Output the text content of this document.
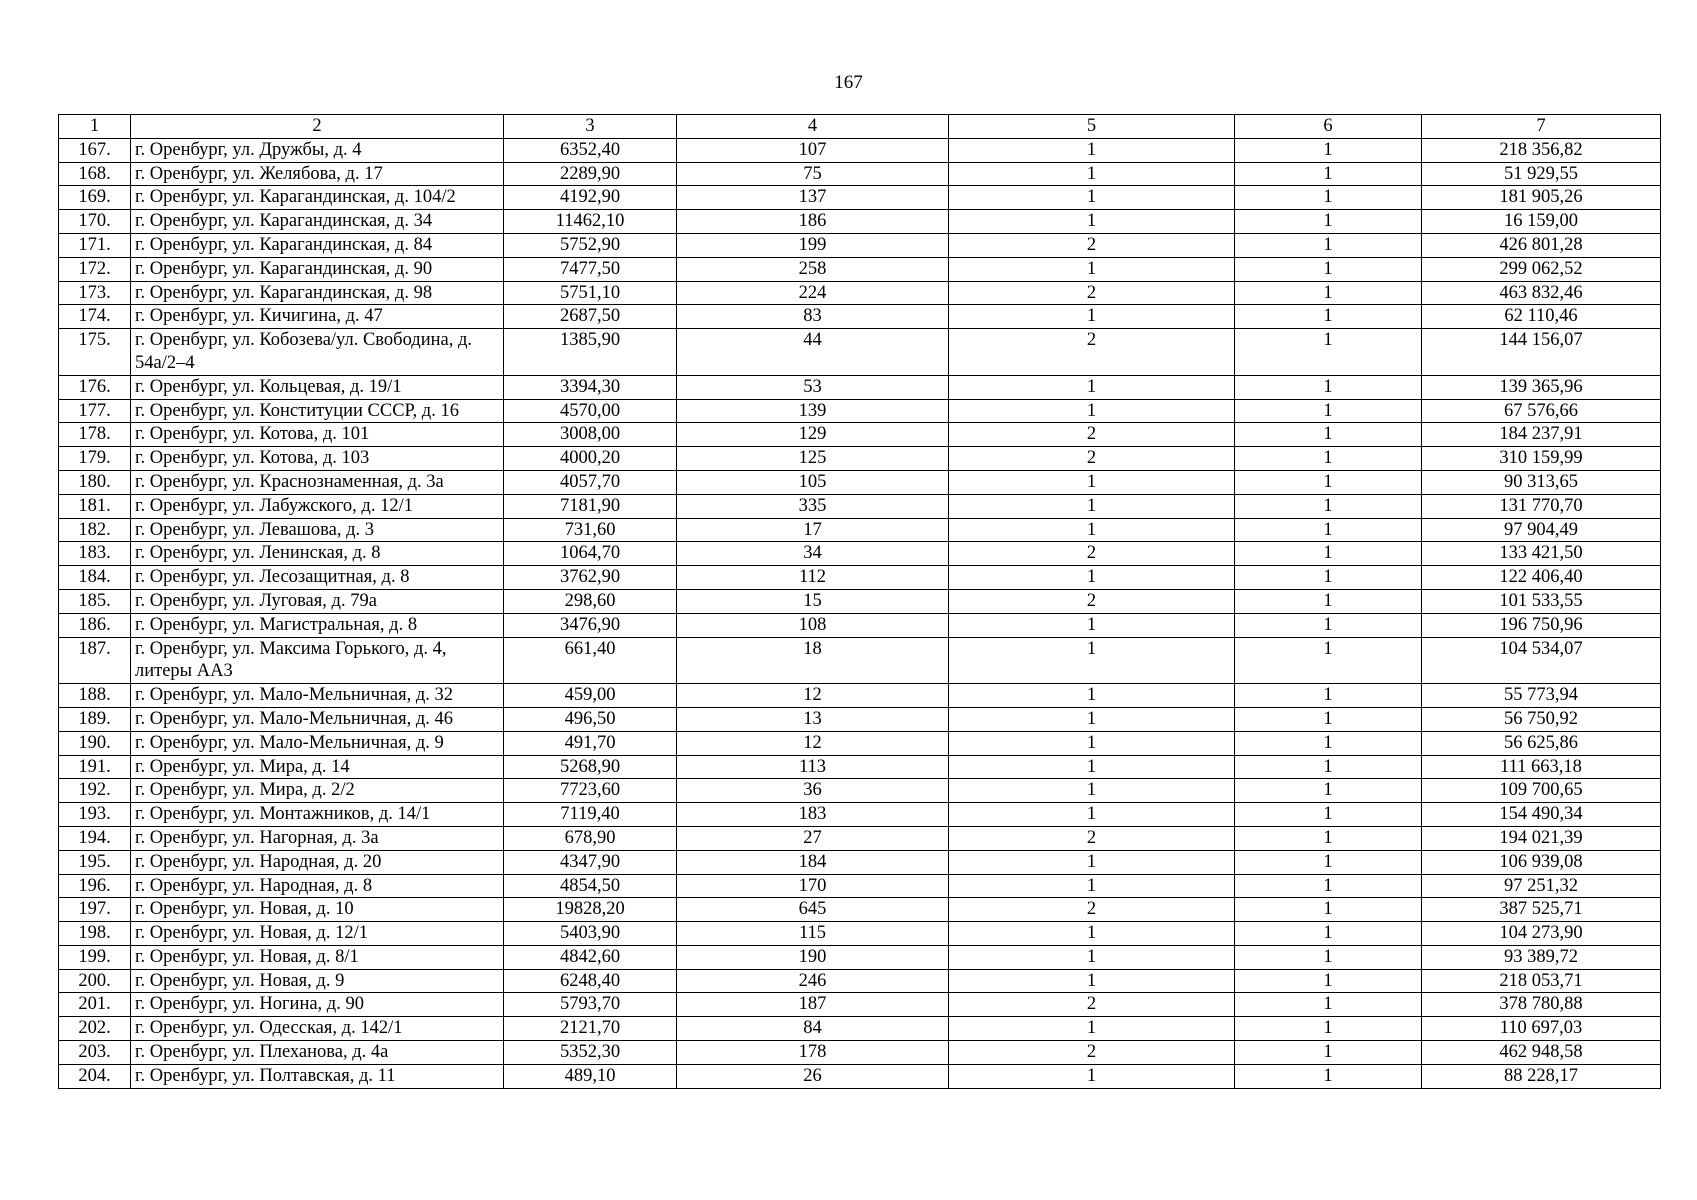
167
1	2	3	4	5	6	7
167.	г. Оренбург, ул. Дружбы, д. 4	6352,40	107	1	1	218 356,82
168.	г. Оренбург, ул. Желябова, д. 17	2289,90	75	1	1	51 929,55
169.	г. Оренбург, ул. Карагандинская, д. 104/2	4192,90	137	1	1	181 905,26
170.	г. Оренбург, ул. Карагандинская, д. 34	11462,10	186	1	1	16 159,00
171.	г. Оренбург, ул. Карагандинская, д. 84	5752,90	199	2	1	426 801,28
172.	г. Оренбург, ул. Карагандинская, д. 90	7477,50	258	1	1	299 062,52
173.	г. Оренбург, ул. Карагандинская, д. 98	5751,10	224	2	1	463 832,46
174.	г. Оренбург, ул. Кичигина, д. 47	2687,50	83	1	1	62 110,46
175.	г. Оренбург, ул. Кобозева/ул. Свободина, д. 54а/2–4	1385,90	44	2	1	144 156,07
176.	г. Оренбург, ул. Кольцевая, д. 19/1	3394,30	53	1	1	139 365,96
177.	г. Оренбург, ул. Конституции СССР, д. 16	4570,00	139	1	1	67 576,66
178.	г. Оренбург, ул. Котова, д. 101	3008,00	129	2	1	184 237,91
179.	г. Оренбург, ул. Котова, д. 103	4000,20	125	2	1	310 159,99
180.	г. Оренбург, ул. Краснознаменная, д. 3а	4057,70	105	1	1	90 313,65
181.	г. Оренбург, ул. Лабужского, д. 12/1	7181,90	335	1	1	131 770,70
182.	г. Оренбург, ул. Левашова, д. 3	731,60	17	1	1	97 904,49
183.	г. Оренбург, ул. Ленинская, д. 8	1064,70	34	2	1	133 421,50
184.	г. Оренбург, ул. Лесозащитная, д. 8	3762,90	112	1	1	122 406,40
185.	г. Оренбург, ул. Луговая, д. 79а	298,60	15	2	1	101 533,55
186.	г. Оренбург, ул. Магистральная, д. 8	3476,90	108	1	1	196 750,96
187.	г. Оренбург, ул. Максима Горького, д. 4, литеры АА3	661,40	18	1	1	104 534,07
188.	г. Оренбург, ул. Мало-Мельничная, д. 32	459,00	12	1	1	55 773,94
189.	г. Оренбург, ул. Мало-Мельничная, д. 46	496,50	13	1	1	56 750,92
190.	г. Оренбург, ул. Мало-Мельничная, д. 9	491,70	12	1	1	56 625,86
191.	г. Оренбург, ул. Мира, д. 14	5268,90	113	1	1	111 663,18
192.	г. Оренбург, ул. Мира, д. 2/2	7723,60	36	1	1	109 700,65
193.	г. Оренбург, ул. Монтажников, д. 14/1	7119,40	183	1	1	154 490,34
194.	г. Оренбург, ул. Нагорная, д. 3а	678,90	27	2	1	194 021,39
195.	г. Оренбург, ул. Народная, д. 20	4347,90	184	1	1	106 939,08
196.	г. Оренбург, ул. Народная, д. 8	4854,50	170	1	1	97 251,32
197.	г. Оренбург, ул. Новая, д. 10	19828,20	645	2	1	387 525,71
198.	г. Оренбург, ул. Новая, д. 12/1	5403,90	115	1	1	104 273,90
199.	г. Оренбург, ул. Новая, д. 8/1	4842,60	190	1	1	93 389,72
200.	г. Оренбург, ул. Новая, д. 9	6248,40	246	1	1	218 053,71
201.	г. Оренбург, ул. Ногина, д. 90	5793,70	187	2	1	378 780,88
202.	г. Оренбург, ул. Одесская, д. 142/1	2121,70	84	1	1	110 697,03
203.	г. Оренбург, ул. Плеханова, д. 4а	5352,30	178	2	1	462 948,58
204.	г. Оренбург, ул. Полтавская, д. 11	489,10	26	1	1	88 228,17
